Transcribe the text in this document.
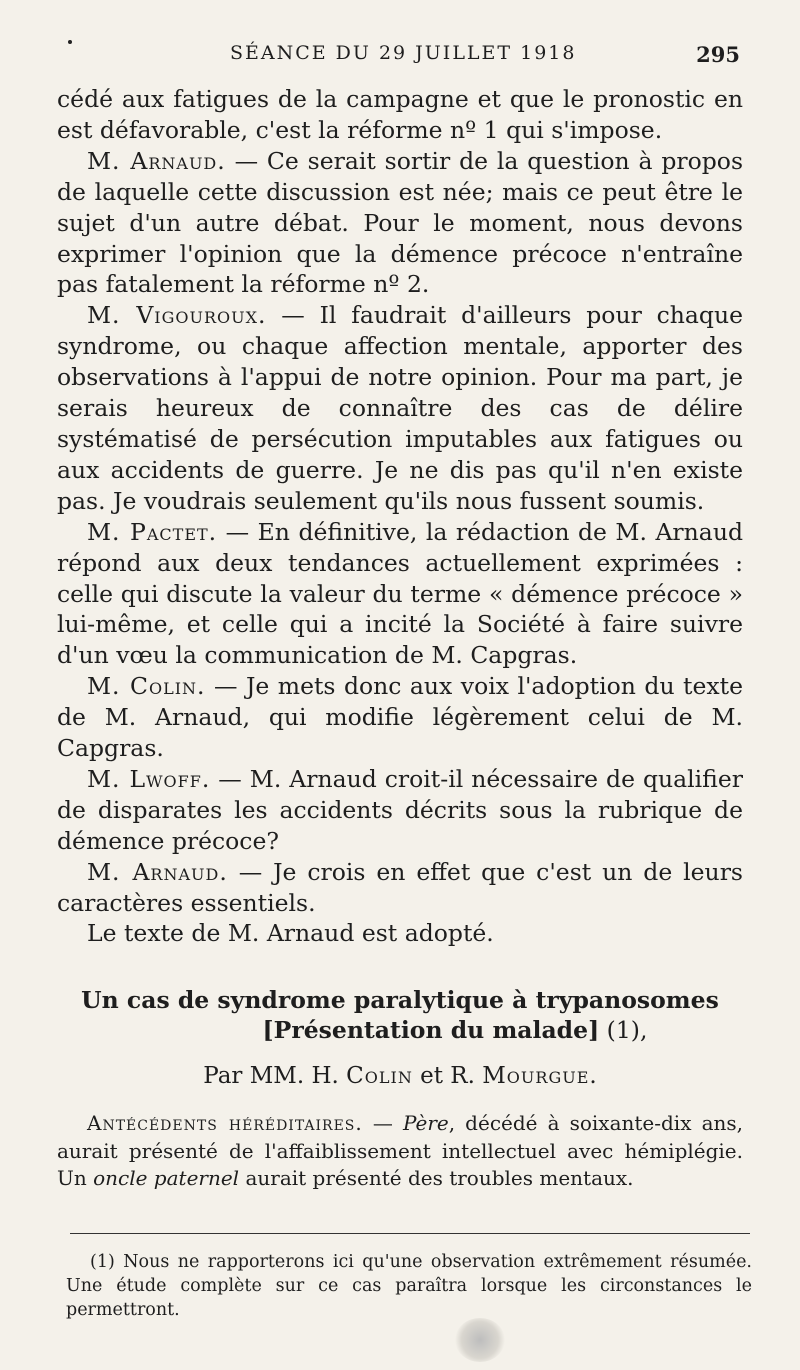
SÉANCE DU 29 JUILLET 1918	295

cédé aux fatigues de la campagne et que le pronostic en est défavorable, c'est la réforme nº 1 qui s'impose.

M. Arnaud. — Ce serait sortir de la question à propos de laquelle cette discussion est née; mais ce peut être le sujet d'un autre débat. Pour le moment, nous devons exprimer l'opinion que la démence précoce n'entraîne pas fatalement la réforme nº 2.

M. Vigouroux. — Il faudrait d'ailleurs pour chaque syndrome, ou chaque affection mentale, apporter des observations à l'appui de notre opinion. Pour ma part, je serais heureux de connaître des cas de délire systématisé de persécution imputables aux fatigues ou aux accidents de guerre. Je ne dis pas qu'il n'en existe pas. Je voudrais seulement qu'ils nous fussent soumis.

M. Pactet. — En définitive, la rédaction de M. Arnaud répond aux deux tendances actuellement exprimées : celle qui discute la valeur du terme « démence précoce » lui-même, et celle qui a incité la Société à faire suivre d'un vœu la communication de M. Capgras.

M. Colin. — Je mets donc aux voix l'adoption du texte de M. Arnaud, qui modifie légèrement celui de M. Capgras.

M. Lwoff. — M. Arnaud croit-il nécessaire de qualifier de disparates les accidents décrits sous la rubrique de démence précoce?

M. Arnaud. — Je crois en effet que c'est un de leurs caractères essentiels.

Le texte de M. Arnaud est adopté.

Un cas de syndrome paralytique à trypanosomes
[Présentation du malade] (1),

Par MM. H. Colin et R. Mourgue.

Antécédents héréditaires. — Père, décédé à soixante-dix ans, aurait présenté de l'affaiblissement intellectuel avec hémiplégie. Un oncle paternel aurait présenté des troubles mentaux.

(1) Nous ne rapporterons ici qu'une observation extrêmement résumée. Une étude complète sur ce cas paraîtra lorsque les circonstances le permettront.
